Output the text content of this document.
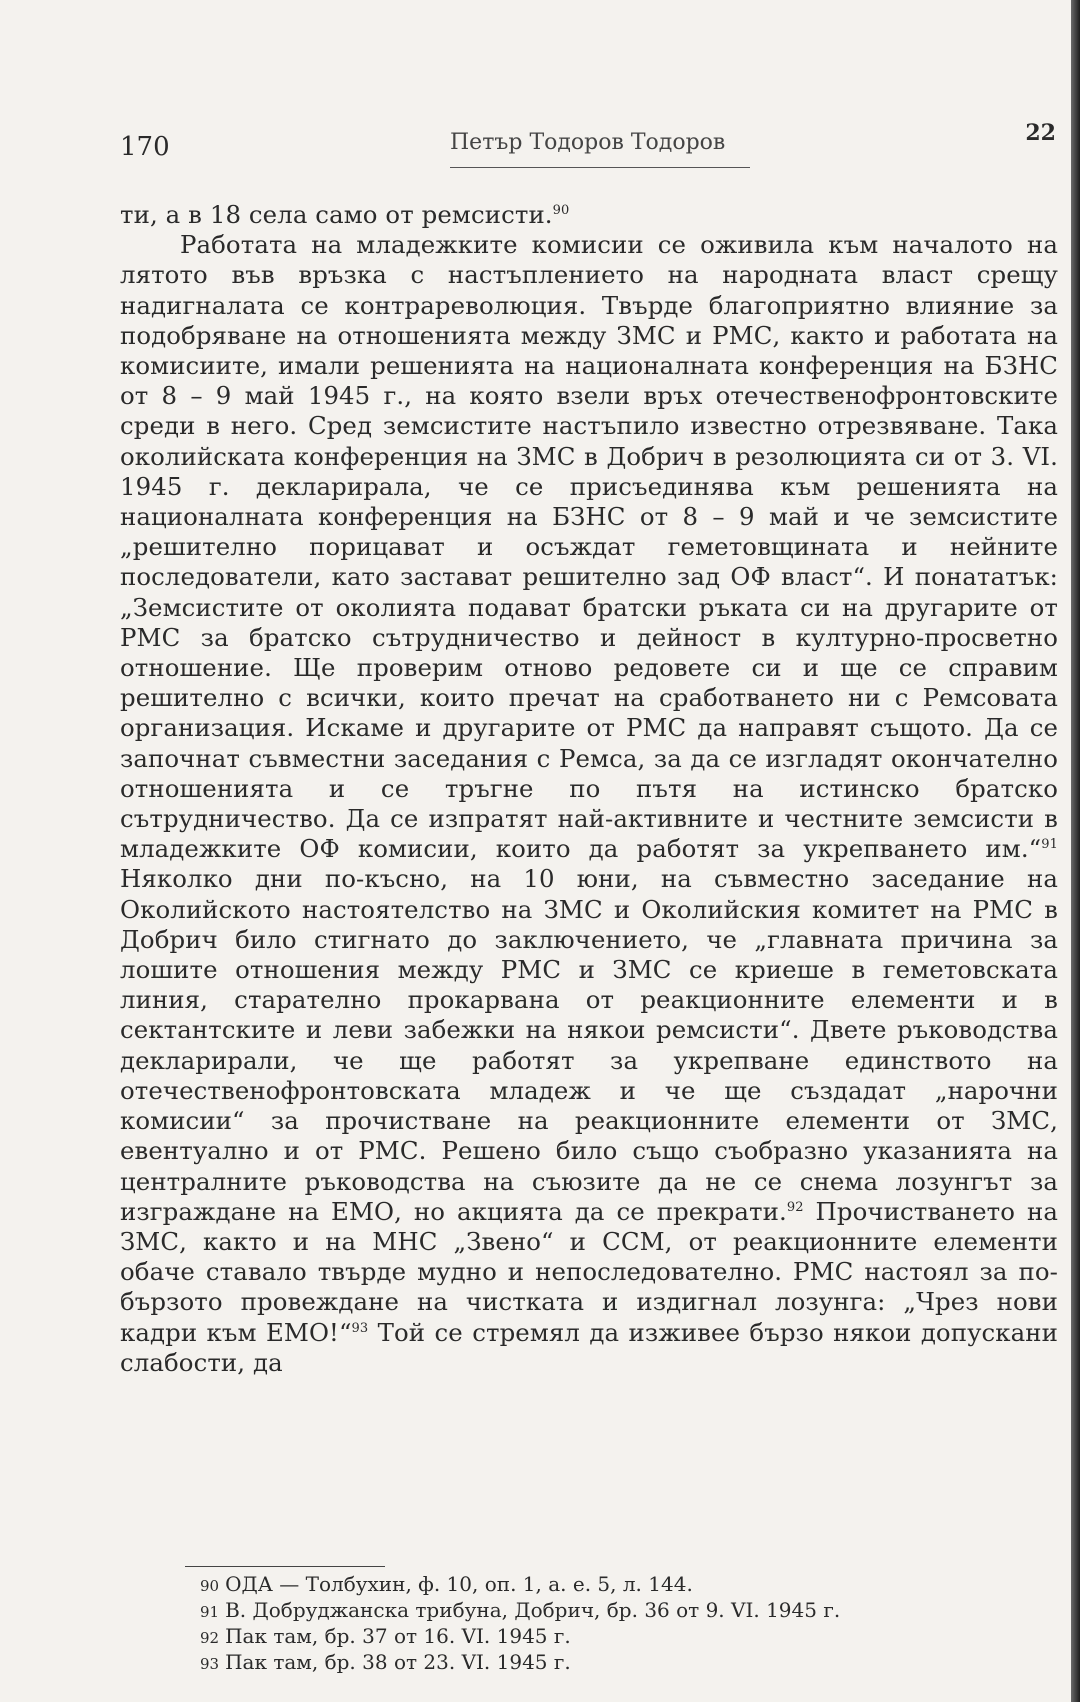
170	Петър Тодоров Тодоров	22

ти, а в 18 села само от ремсисти.$^{90}$

Работата на младежките комисии се оживила към началото на лятото във връзка с настъплението на народната власт срещу надигналата се контрареволюция. Твърде благоприятно влияние за подобряване на отношенията между ЗМС и РМС, както и работата на комисиите, имали решенията на националната конференция на БЗНС от 8 – 9 май 1945 г., на която взели връх отечественофронтовските среди в него. Сред земсистите настъпило известно отрезвяване. Така околийската конференция на ЗМС в Добрич в резолюцията си от 3. VI. 1945 г. декларирала, че се присъединява към решенията на националната конференция на БЗНС от 8 – 9 май и че земсистите „решително порицават и осъждат геметовщината и нейните последователи, като застават решително зад ОФ власт“. И понататък: „Земсистите от околията подават братски ръката си на другарите от РМС за братско сътрудничество и дейност в културно-просветно отношение. Ще проверим отново редовете си и ще се справим решително с всички, които пречат на сработването ни с Ремсовата организация. Искаме и другарите от РМС да направят същото. Да се започнат съвместни заседания с Ремса, за да се изгладят окончателно отношенията и се тръгне по пътя на истинско братско сътрудничество. Да се изпратят най-активните и честните земсисти в младежките ОФ комисии, които да работят за укрепването им.“$^{91}$ Няколко дни по-късно, на 10 юни, на съвместно заседание на Околийското настоятелство на ЗМС и Околийския комитет на РМС в Добрич било стигнато до заключението, че „главната причина за лошите отношения между РМС и ЗМС се криеше в геметовската линия, старателно прокарвана от реакционните елементи и в сектантските и леви забежки на някои ремсисти“. Двете ръководства декларирали, че ще работят за укрепване единството на отечественофронтовската младеж и че ще създадат „нарочни комисии“ за прочистване на реакционните елементи от ЗМС, евентуално и от РМС. Решено било също съобразно указанията на централните ръководства на съюзите да не се снема лозунгът за изграждане на ЕМО, но акцията да се прекрати.$^{92}$ Прочистването на ЗМС, както и на МНС „Звено“ и ССМ, от реакционните елементи обаче ставало твърде мудно и непоследователно. РМС настоял за по-бързото провеждане на чистката и издигнал лозунга: „Чрез нови кадри към ЕМО!“$^{93}$ Той се стремял да изживее бързо някои допускани слабости, да

90 ОДА — Толбухин, ф. 10, оп. 1, а. е. 5, л. 144.

91 В. Добруджанска трибуна, Добрич, бр. 36 от 9. VI. 1945 г.

92 Пак там, бр. 37 от 16. VI. 1945 г.

93 Пак там, бр. 38 от 23. VI. 1945 г.
